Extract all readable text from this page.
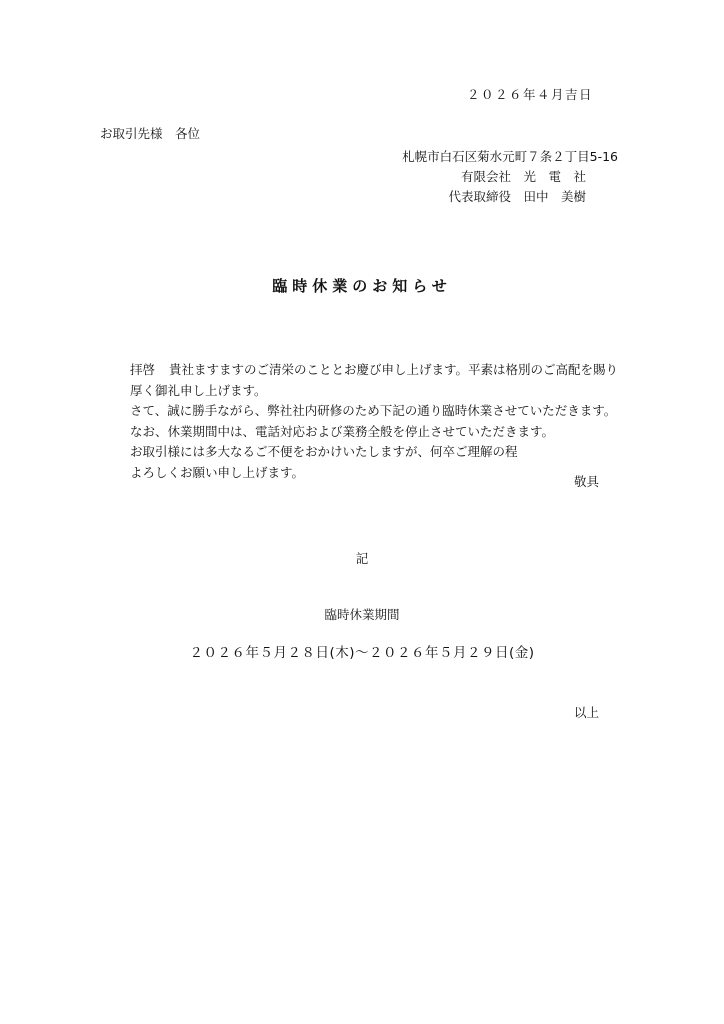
２０２６年４月吉日
お取引先様　各位
札幌市白石区菊水元町７条２丁目5-16
有限会社　光　電　社
代表取締役　田中　美樹
臨時休業のお知らせ
拝啓 貴社ますますのご清栄のこととお慶び申し上げます。平素は格別のご高配を賜り
厚く御礼申し上げます。
さて、誠に勝手ながら、弊社社内研修のため下記の通り臨時休業させていただきます。
なお、休業期間中は、電話対応および業務全般を停止させていただきます。
お取引様には多大なるご不便をおかけいたしますが、何卒ご理解の程
よろしくお願い申し上げます。
敬具
記
臨時休業期間
２０２６年５月２８日(木)～２０２６年５月２９日(金)
以上
